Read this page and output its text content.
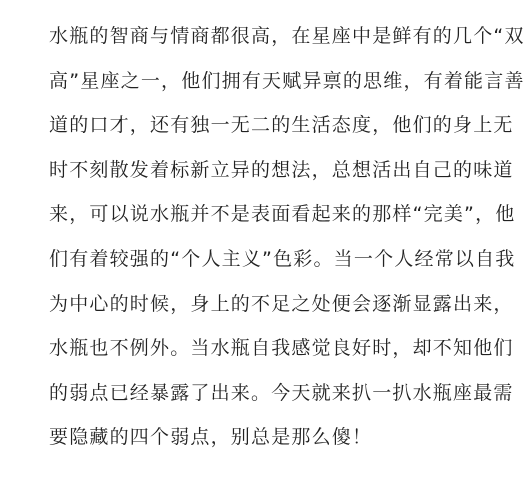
水瓶的智商与情商都很高，在星座中是鲜有的几个“双
高”星座之一，他们拥有天赋异禀的思维，有着能言善
道的口才，还有独一无二的生活态度，他们的身上无
时不刻散发着标新立异的想法，总想活出自己的味道
来，可以说水瓶并不是表面看起来的那样“完美”，他
们有着较强的“个人主义”色彩。当一个人经常以自我
为中心的时候，身上的不足之处便会逐渐显露出来，
水瓶也不例外。当水瓶自我感觉良好时，却不知他们
的弱点已经暴露了出来。今天就来扒一扒水瓶座最需
要隐藏的四个弱点，别总是那么傻！
